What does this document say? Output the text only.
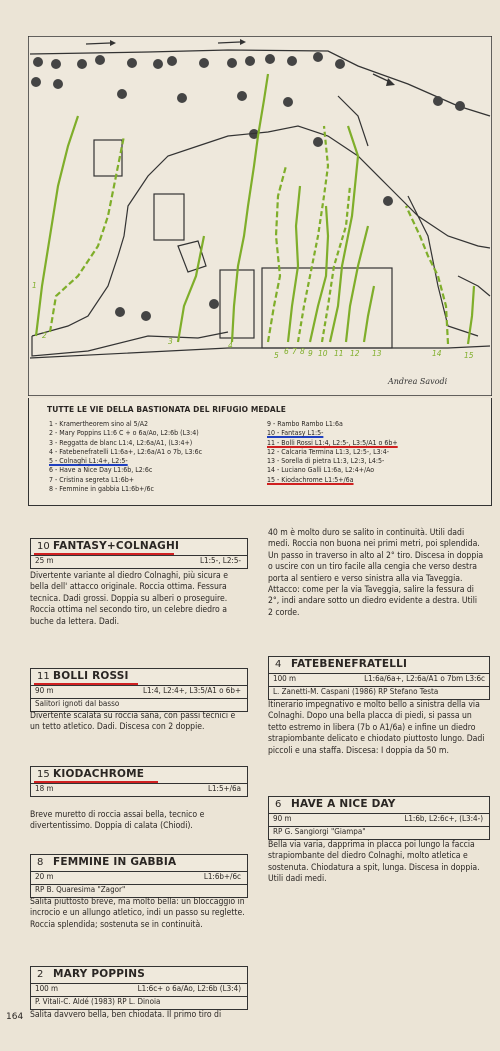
1
2
3	4
5 6 7 8 9 10 11 12 13	14	15
Andrea Savodi
TUTTE LE VIE DELLA BASTIONATA DEL RIFUGIO MEDALE
1 - Kramertheorem sino al 5/A2
2 - Mary Poppins L1:6 C + o 6a/Ao, L2:6b (L3:4)
3 - Reggatta de blanc L1:4, L2:6a/A1, (L3:4+)
4 - Fatebenefratelli L1:6a+, L2:6a/A1 o 7b, L3:6c
5 - Colnaghi L1:4+, L2:5-
6 - Have a Nice Day L1:6b, L2:6c
7 - Cristina segreta L1:6b+
8 - Femmine in gabbia L1:6b+/6c
9 - Rambo Rambo L1:6a
10 - Fantasy L1:5-
11 - Bolli Rossi L1:4, L2:5-, L3:5/A1 o 6b+
12 - Calcaria Termina L1:3, L2:5-, L3:4-
13 - Sorella di pietra L1:3, L2:3, L4:5-
14 - Luciano Galli L1:6a, L2:4+/Ao
15 - Kiodachrome L1:5+/6a
10 FANTASY+COLNAGHI
25 m	L1:5-, L2:5-
Divertente variante al diedro Colnaghi, più sicura e bella dell' attacco originale. Roccia ottima. Fessura tecnica. Dadi grossi. Doppia su alberi o proseguire. Roccia ottima nel secondo tiro, un celebre diedro a buche da lettera. Dadi.
11 BOLLI ROSSI
90 m	L1:4, L2:4+, L3:5/A1 o 6b+
Salitori ignoti dal basso
Divertente scalata su roccia sana, con passi tecnici e un tetto atletico. Dadi. Discesa con 2 doppie.
15 KIODACHROME
18 m	L1:5+/6a
Breve muretto di roccia assai bella, tecnico e divertentissimo. Doppia di calata (Chiodi).
8 FEMMINE IN GABBIA
20 m	L1:6b+/6c
RP B. Quaresima "Zagor"
Salita piuttosto breve, ma molto bella: un bloccaggio in incrocio e un allungo atletico, indi un passo su reglette. Roccia splendida; sostenuta se in continuità.
2 MARY POPPINS
100 m	L1:6c+ o 6a/Ao, L2:6b (L3:4)
P. Vitali-C. Aldé (1983) RP L. Dinoia
164 Salita davvero bella, ben chiodata. Il primo tiro di
40 m è molto duro se salito in continuità. Utili dadi medi. Roccia non buona nei primi metri, poi splendida. Un passo in traverso in alto al 2° tiro. Discesa in doppia o uscire con un tiro facile alla cengia che verso destra porta al sentiero e verso sinistra alla via Taveggia. Attacco: come per la via Taveggia, salire la fessura di 2°, indi andare sotto un diedro evidente a destra. Utili 2 corde.
4 FATEBENEFRATELLI
100 m	L1:6a/6a+, L2:6a/A1 o 7bm L3:6c
L. Zanetti-M. Caspani (1986) RP Stefano Testa
Itinerario impegnativo e molto bello a sinistra della via Colnaghi. Dopo una bella placca di piedi, si passa un tetto estremo in libera (7b o A1/6a) e infine un diedro strapiombante delicato e chiodato piuttosto lungo. Dadi piccoli e una staffa. Discesa: I doppia da 50 m.
6 HAVE A NICE DAY
90 m	L1:6b, L2:6c+, (L3:4-)
RP G. Sangiorgi "Giampa"
Bella via varia, dapprima in placca poi lungo la faccia strapiombante del diedro Colnaghi, molto atletica e sostenuta. Chiodatura a spit, lunga. Discesa in doppia. Utili dadi medi.
